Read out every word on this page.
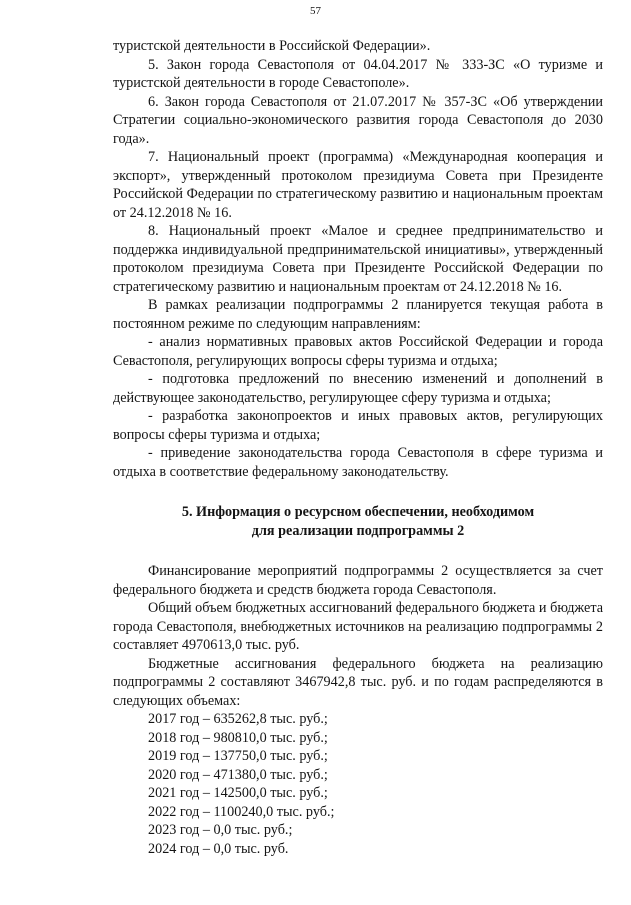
57

туристской деятельности в Российской Федерации».

5. Закон города Севастополя от 04.04.2017 № 333-ЗС «О туризме и туристской деятельности в городе Севастополе».

6. Закон города Севастополя от 21.07.2017 № 357-ЗС «Об утверждении Стратегии социально-экономического развития города Севастополя до 2030 года».

7. Национальный проект (программа) «Международная кооперация и экспорт», утвержденный протоколом президиума Совета при Президенте Российской Федерации по стратегическому развитию и национальным проектам от 24.12.2018 № 16.

8. Национальный проект «Малое и среднее предпринимательство и поддержка индивидуальной предпринимательской инициативы», утвержденный протоколом президиума Совета при Президенте Российской Федерации по стратегическому развитию и национальным проектам от 24.12.2018 № 16.

В рамках реализации подпрограммы 2 планируется текущая работа в постоянном режиме по следующим направлениям:

- анализ нормативных правовых актов Российской Федерации и города Севастополя, регулирующих вопросы сферы туризма и отдыха;

- подготовка предложений по внесению изменений и дополнений в действующее законодательство, регулирующее сферу туризма и отдыха;

- разработка законопроектов и иных правовых актов, регулирующих вопросы сферы туризма и отдыха;

- приведение законодательства города Севастополя в сфере туризма и отдыха в соответствие федеральному законодательству.

5. Информация о ресурсном обеспечении, необходимом
для реализации подпрограммы 2

Финансирование мероприятий подпрограммы 2 осуществляется за счет федерального бюджета и средств бюджета города Севастополя.

Общий объем бюджетных ассигнований федерального бюджета и бюджета города Севастополя, внебюджетных источников на реализацию подпрограммы 2 составляет 4970613,0 тыс. руб.

Бюджетные ассигнования федерального бюджета на реализацию подпрограммы 2 составляют 3467942,8 тыс. руб. и по годам распределяются в следующих объемах:

2017 год – 635262,8 тыс. руб.;
2018 год – 980810,0 тыс. руб.;
2019 год – 137750,0 тыс. руб.;
2020 год – 471380,0 тыс. руб.;
2021 год – 142500,0 тыс. руб.;
2022 год – 1100240,0 тыс. руб.;
2023 год – 0,0 тыс. руб.;
2024 год – 0,0 тыс. руб.
